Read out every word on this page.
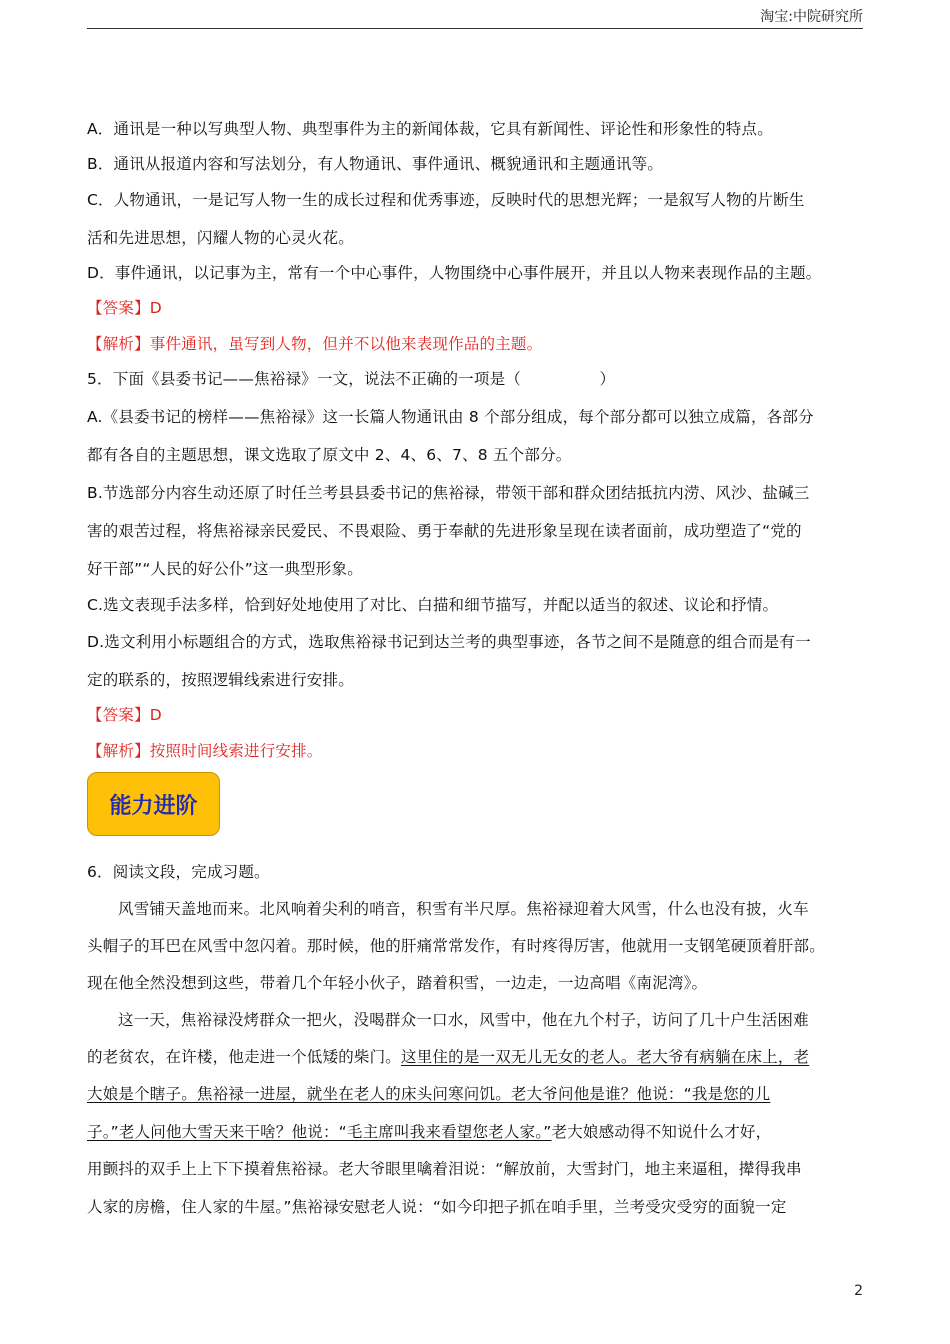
淘宝:中院研究所
A．通讯是一种以写典型人物、典型事件为主的新闻体裁，它具有新闻性、评论性和形象性的特点。
B．通讯从报道内容和写法划分，有人物通讯、事件通讯、概貌通讯和主题通讯等。
C．人物通讯，一是记写人物一生的成长过程和优秀事迹，反映时代的思想光辉；一是叙写人物的片断生
活和先进思想，闪耀人物的心灵火花。
D．事件通讯，以记事为主，常有一个中心事件，人物围绕中心事件展开，并且以人物来表现作品的主题。
【答案】D
【解析】事件通讯，虽写到人物，但并不以他来表现作品的主题。
5．下面《县委书记——焦裕禄》一文，说法不正确的一项是（　　　　　）
A.《县委书记的榜样——焦裕禄》这一长篇人物通讯由 8 个部分组成，每个部分都可以独立成篇，各部分
都有各自的主题思想，课文选取了原文中 2、4、6、7、8 五个部分。
B.节选部分内容生动还原了时任兰考县县委书记的焦裕禄，带领干部和群众团结抵抗内涝、风沙、盐碱三
害的艰苦过程，将焦裕禄亲民爱民、不畏艰险、勇于奉献的先进形象呈现在读者面前，成功塑造了“党的
好干部”“人民的好公仆”这一典型形象。
C.选文表现手法多样，恰到好处地使用了对比、白描和细节描写，并配以适当的叙述、议论和抒情。
D.选文利用小标题组合的方式，选取焦裕禄书记到达兰考的典型事迹，各节之间不是随意的组合而是有一
定的联系的，按照逻辑线索进行安排。
【答案】D
【解析】按照时间线索进行安排。
能力进阶
6．阅读文段，完成习题。
风雪铺天盖地而来。北风响着尖利的哨音，积雪有半尺厚。焦裕禄迎着大风雪，什么也没有披，火车
头帽子的耳巴在风雪中忽闪着。那时候，他的肝痛常常发作，有时疼得厉害，他就用一支钢笔硬顶着肝部。
现在他全然没想到这些，带着几个年轻小伙子，踏着积雪，一边走，一边高唱《南泥湾》。
这一天，焦裕禄没烤群众一把火，没喝群众一口水，风雪中，他在九个村子，访问了几十户生活困难
的老贫农，在许楼，他走进一个低矮的柴门。这里住的是一双无儿无女的老人。老大爷有病躺在床上，老
大娘是个瞎子。焦裕禄一进屋，就坐在老人的床头问寒问饥。老大爷问他是谁？他说：“我是您的儿
子。”老人问他大雪天来干啥？他说：“毛主席叫我来看望您老人家。”老大娘感动得不知说什么才好，
用颤抖的双手上上下下摸着焦裕禄。老大爷眼里噙着泪说：“解放前，大雪封门，地主来逼租，撵得我串
人家的房檐，住人家的牛屋。”焦裕禄安慰老人说：“如今印把子抓在咱手里，兰考受灾受穷的面貌一定
2
